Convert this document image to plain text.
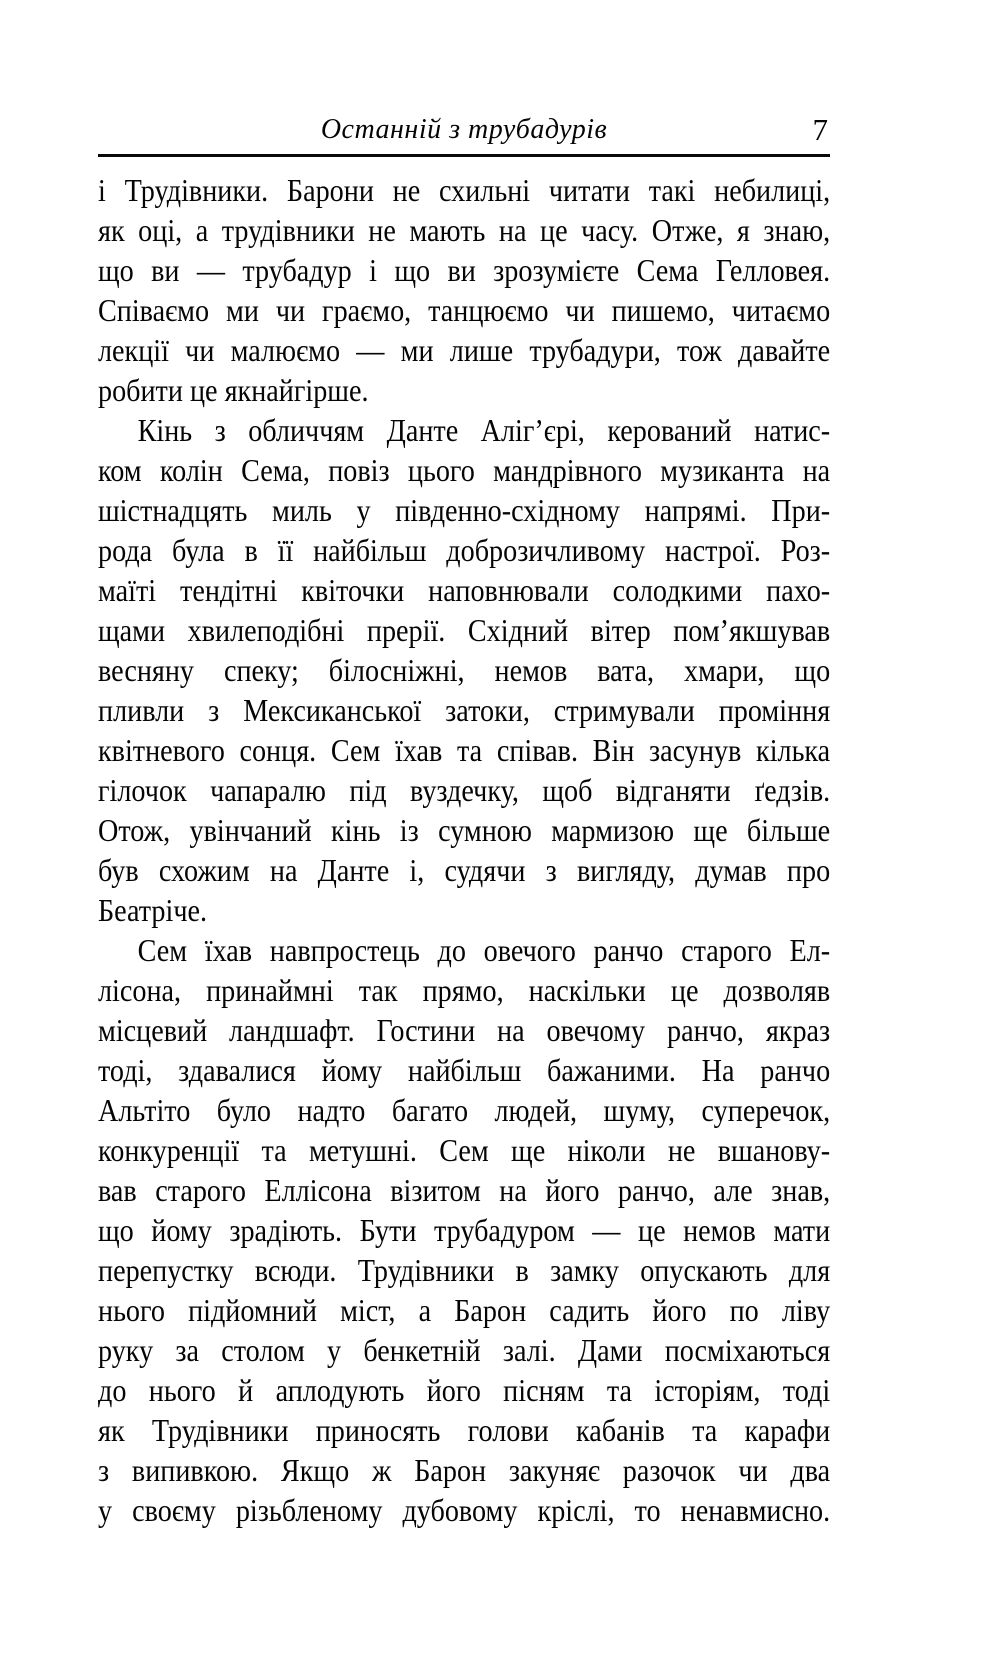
Останній з трубадурів	7
і Трудівники. Барони не схильні читати такі небилиці,
як оці, а трудівники не мають на це часу. Отже, я знаю,
що ви — трубадур і що ви зрозумієте Сема Гелловея.
Співаємо ми чи граємо, танцюємо чи пишемо, читаємо
лекції чи малюємо — ми лише трубадури, тож давайте
робити це якнайгірше.
Кінь з обличчям Данте Аліг’єрі, керований натис-
ком колін Сема, повіз цього мандрівного музиканта на
шістнадцять миль у південно-східному напрямі. При-
рода була в її найбільш доброзичливому настрої. Роз-
маїті тендітні квіточки наповнювали солодкими пахо-
щами хвилеподібні прерії. Східний вітер пом’якшував
весняну спеку; білосніжні, немов вата, хмари, що
пливли з Мексиканської затоки, стримували проміння
квітневого сонця. Сем їхав та співав. Він засунув кілька
гілочок чапаралю під вуздечку, щоб відганяти ґедзів.
Отож, увінчаний кінь із сумною мармизою ще більше
був схожим на Данте і, судячи з вигляду, думав про
Беатріче.
Сем їхав навпростець до овечого ранчо старого Ел-
лісона, принаймні так прямо, наскільки це дозволяв
місцевий ландшафт. Гостини на овечому ранчо, якраз
тоді, здавалися йому найбільш бажаними. На ранчо
Альтіто було надто багато людей, шуму, суперечок,
конкуренції та метушні. Сем ще ніколи не вшанову-
вав старого Еллісона візитом на його ранчо, але знав,
що йому зрадіють. Бути трубадуром — це немов мати
перепустку всюди. Трудівники в замку опускають для
нього підйомний міст, а Барон садить його по ліву
руку за столом у бенкетній залі. Дами посміхаються
до нього й аплодують його пісням та історіям, тоді
як Трудівники приносять голови кабанів та карафи
з випивкою. Якщо ж Барон закуняє разочок чи два
у своєму різьбленому дубовому кріслі, то ненавмисно.
